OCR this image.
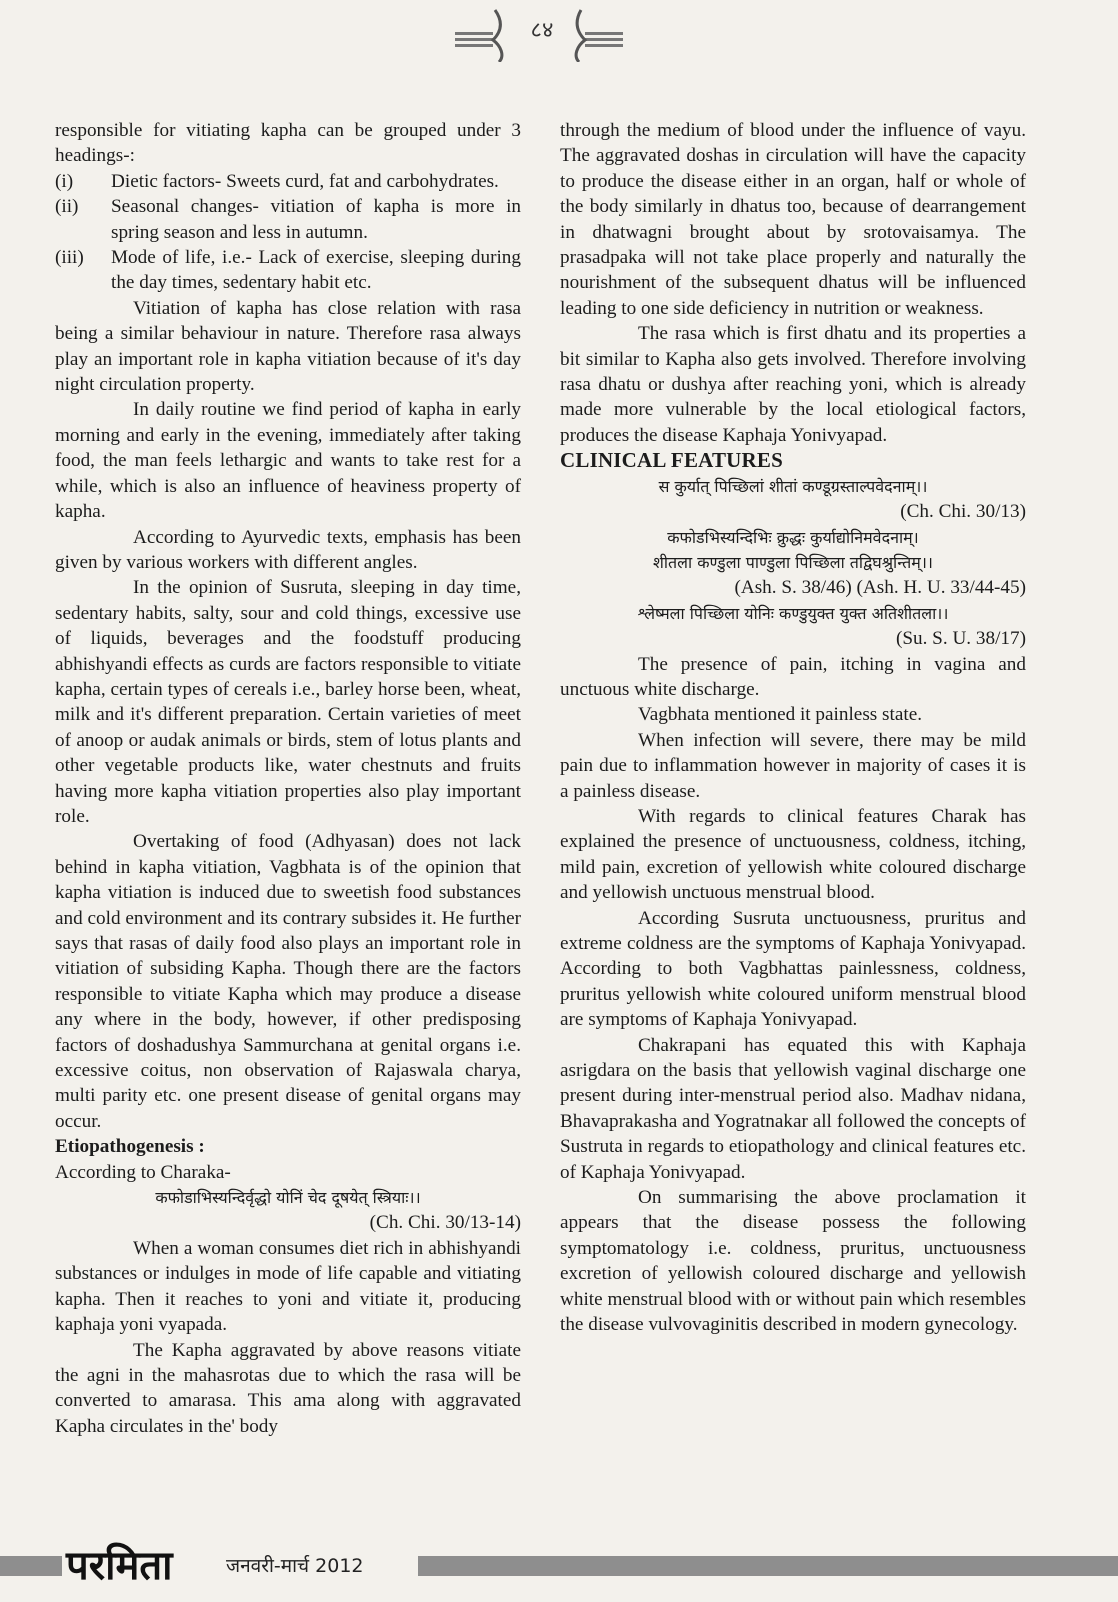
८४

responsible for vitiating kapha can be grouped under 3 headings-:

(i)	Dietic factors- Sweets curd, fat and carbohydrates.
(ii)	Seasonal changes- vitiation of kapha is more in spring season and less in autumn.
(iii)	Mode of life, i.e.- Lack of exercise, sleeping during the day times, sedentary habit etc.

Vitiation of kapha has close relation with rasa being a similar behaviour in nature. Therefore rasa always play an important role in kapha vitiation because of it's day night circulation property.

In daily routine we find period of kapha in early morning and early in the evening, immediately after taking food, the man feels lethargic and wants to take rest for a while, which is also an influence of heaviness property of kapha.

According to Ayurvedic texts, emphasis has been given by various workers with different angles.

In the opinion of Susruta, sleeping in day time, sedentary habits, salty, sour and cold things, excessive use of liquids, beverages and the foodstuff producing abhishyandi effects as curds are factors responsible to vitiate kapha, certain types of cereals i.e., barley horse been, wheat, milk and it's different preparation. Certain varieties of meet of anoop or audak animals or birds, stem of lotus plants and other vegetable products like, water chestnuts and fruits having more kapha vitiation properties also play important role.

Overtaking of food (Adhyasan) does not lack behind in kapha vitiation, Vagbhata is of the opinion that kapha vitiation is induced due to sweetish food substances and cold environment and its contrary subsides it. He further says that rasas of daily food also plays an important role in vitiation of subsiding Kapha. Though there are the factors responsible to vitiate Kapha which may produce a disease any where in the body, however, if other predisposing factors of doshadushya Sammurchana at genital organs i.e. excessive coitus, non observation of Rajaswala charya, multi parity etc. one present disease of genital organs may occur.

Etiopathogenesis :

According to Charaka-

कफोडाभिस्यन्दिर्वृद्धो योनिं चेद दूषयेत् स्त्रियाः।।

(Ch. Chi. 30/13-14)

When a woman consumes diet rich in abhishyandi substances or indulges in mode of life capable and vitiating kapha. Then it reaches to yoni and vitiate it, producing kaphaja yoni vyapada.

The Kapha aggravated by above reasons vitiate the agni in the mahasrotas due to which the rasa will be converted to amarasa. This ama along with aggravated Kapha circulates in the' body

through the medium of blood under the influence of vayu. The aggravated doshas in circulation will have the capacity to produce the disease either in an organ, half or whole of the body similarly in dhatus too, because of dearrangement in dhatwagni brought about by srotovaisamya. The prasadpaka will not take place properly and naturally the nourishment of the subsequent dhatus will be influenced leading to one side deficiency in nutrition or weakness.

The rasa which is first dhatu and its properties a bit similar to Kapha also gets involved. Therefore involving rasa dhatu or dushya after reaching yoni, which is already made more vulnerable by the local etiological factors, produces the disease Kaphaja Yonivyapad.

CLINICAL FEATURES

स कुर्यात् पिच्छिलां शीतां कण्डूग्रस्ताल्पवेदनाम्।।

(Ch. Chi. 30/13)

कफोडभिस्यन्दिभिः क्रुद्धः कुर्याद्योनिमवेदनाम्।

शीतला कण्डुला पाण्डुला पिच्छिला तद्विघश्रुन्तिम्।।

(Ash. S. 38/46) (Ash. H. U. 33/44-45)

श्लेष्मला पिच्छिला योनिः कण्डुयुक्त युक्त अतिशीतला।।

(Su. S. U. 38/17)

The presence of pain, itching in vagina and unctuous white discharge.

Vagbhata mentioned it painless state.

When infection will severe, there may be mild pain due to inflammation however in majority of cases it is a painless disease.

With regards to clinical features Charak has explained the presence of unctuousness, coldness, itching, mild pain, excretion of yellowish white coloured discharge and yellowish unctuous menstrual blood.

According Susruta unctuousness, pruritus and extreme coldness are the symptoms of Kaphaja Yonivyapad. According to both Vagbhattas painlessness, coldness, pruritus yellowish white coloured uniform menstrual blood are symptoms of Kaphaja Yonivyapad.

Chakrapani has equated this with Kaphaja asrigdara on the basis that yellowish vaginal discharge one present during inter-menstrual period also. Madhav nidana, Bhavaprakasha and Yogratnakar all followed the concepts of Sustruta in regards to etiopathology and clinical features etc. of Kaphaja Yonivyapad.

On summarising the above proclamation it appears that the disease possess the following symptomatology i.e. coldness, pruritus, unctuousness excretion of yellowish coloured discharge and yellowish white menstrual blood with or without pain which resembles the disease vulvovaginitis described in modern gynecology.

परमिता	जनवरी-मार्च 2012
